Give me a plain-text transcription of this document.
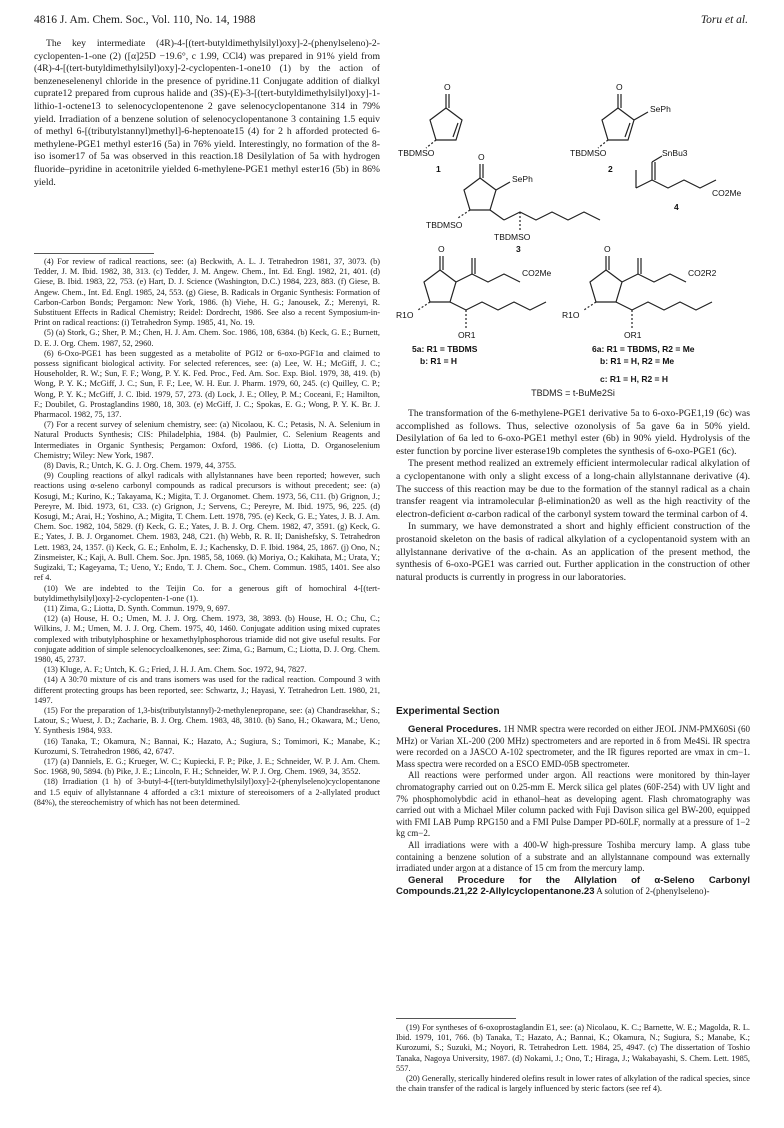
4816 J. Am. Chem. Soc., Vol. 110, No. 14, 1988	Toru et al.

The key intermediate (4R)-4-[(tert-butyldimethylsilyl)oxy]-2-(phenylseleno)-2-cyclopenten-1-one (2) ([α]25D −19.6°, c 1.99, CCl4) was prepared in 91% yield from (4R)-4-[(tert-butyldimethylsilyl)oxy]-2-cyclopenten-1-one10 (1) by the action of benzeneselenenyl chloride in the presence of pyridine.11 Conjugate addition of dialkyl cuprate12 prepared from cuprous halide and (3S)-(E)-3-[(tert-butyldimethylsilyl)oxy]-1-lithio-1-octene13 to selenocyclopentenone 2 gave selenocyclopentanone 314 in 79% yield. Irradiation of a benzene solution of selenocyclopentanone 3 containing 1.5 equiv of methyl 6-[(tributylstannyl)methyl]-6-heptenoate15 (4) for 2 h afforded protected 6-methylene-PGE1 methyl ester16 (5a) in 76% yield. Interestingly, no formation of the 8-iso isomer17 of 5a was observed in this reaction.18 Desilylation of 5a with hydrogen fluoride–pyridine in acetonitrile yielded 6-methylene-PGE1 methyl ester16 (5b) in 86% yield.

(4) For review of radical reactions, see: (a) Beckwith, A. L. J. Tetrahedron 1981, 37, 3073. (b) Tedder, J. M. Ibid. 1982, 38, 313. (c) Tedder, J. M. Angew. Chem., Int. Ed. Engl. 1982, 21, 401. (d) Giese, B. Ibid. 1983, 22, 753. (e) Hart, D. J. Science (Washington, D.C.) 1984, 223, 883. (f) Giese, B. Angew. Chem., Int. Ed. Engl. 1985, 24, 553. (g) Giese, B. Radicals in Organic Synthesis: Formation of Carbon-Carbon Bonds; Pergamon: New York, 1986. (h) Viehe, H. G.; Janousek, Z.; Merenyi, R. Substituent Effects in Radical Chemistry; Reidel: Dordrecht, 1986. See also a recent Symposium-in-Print on radical reactions: (i) Tetrahedron Symp. 1985, 41, No. 19.

(5) (a) Stork, G.; Sher, P. M.; Chen, H. J. Am. Chem. Soc. 1986, 108, 6384. (b) Keck, G. E.; Burnett, D. E. J. Org. Chem. 1987, 52, 2960.

(6) 6-Oxo-PGE1 has been suggested as a metabolite of PGI2 or 6-oxo-PGF1α and claimed to possess significant biological activity. For selected references, see: (a) Lee, W. H.; McGiff, J. C.; Householder, R. W.; Sun, F. F.; Wong, P. Y. K. Fed. Proc., Fed. Am. Soc. Exp. Biol. 1979, 38, 419. (b) Wong, P. Y. K.; McGiff, J. C.; Sun, F. F.; Lee, W. H. Eur. J. Pharm. 1979, 60, 245. (c) Quilley, C. P.; Wong, P. Y. K.; McGiff, J. C. Ibid. 1979, 57, 273. (d) Lock, J. E.; Olley, P. M.; Coceani, F.; Hamilton, F.; Doubilet, G. Prostaglandins 1980, 18, 303. (e) McGiff, J. C.; Spokas, E. G.; Wong, P. Y. K. Br. J. Pharmacol. 1982, 75, 137.

(7) For a recent survey of selenium chemistry, see: (a) Nicolaou, K. C.; Petasis, N. A. Selenium in Natural Products Synthesis; CIS: Philadelphia, 1984. (b) Paulmier, C. Selenium Reagents and Intermediates in Organic Synthesis; Pergamon: Oxford, 1986. (c) Liotta, D. Organoselenium Chemistry; Wiley: New York, 1987.

(8) Davis, R.; Untch, K. G. J. Org. Chem. 1979, 44, 3755.

(9) Coupling reactions of alkyl radicals with allylstannanes have been reported; however, such reactions using α-seleno carbonyl compounds as radical precursors is without precedent; see: (a) Kosugi, M.; Kurino, K.; Takayama, K.; Migita, T. J. Organomet. Chem. 1973, 56, C11. (b) Grignon, J.; Pereyre, M. Ibid. 1973, 61, C33. (c) Grignon, J.; Servens, C.; Pereyre, M. Ibid. 1975, 96, 225. (d) Kosugi, M.; Arai, H.; Yoshino, A.; Migita, T. Chem. Lett. 1978, 795. (e) Keck, G. E.; Yates, J. B. J. Am. Chem. Soc. 1982, 104, 5829. (f) Keck, G. E.; Yates, J. B. J. Org. Chem. 1982, 47, 3591. (g) Keck, G. E.; Yates, J. B. J. Organomet. Chem. 1983, 248, C21. (h) Webb, R. R. II; Danishefsky, S. Tetrahedron Lett. 1983, 24, 1357. (i) Keck, G. E.; Enholm, E. J.; Kachensky, D. F. Ibid. 1984, 25, 1867. (j) Ono, N.; Zinsmeister, K.; Kaji, A. Bull. Chem. Soc. Jpn. 1985, 58, 1069. (k) Moriya, O.; Kakihata, M.; Urata, Y.; Sugizaki, T.; Kageyama, T.; Ueno, Y.; Endo, T. J. Chem. Soc., Chem. Commun. 1985, 1401. See also ref 4.

(10) We are indebted to the Teijin Co. for a generous gift of homochiral 4-[(tert-butyldimethylsilyl)oxy]-2-cyclopenten-1-one (1).

(11) Zima, G.; Liotta, D. Synth. Commun. 1979, 9, 697.

(12) (a) House, H. O.; Umen, M. J. J. Org. Chem. 1973, 38, 3893. (b) House, H. O.; Chu, C.; Wilkins, J. M.; Umen, M. J. J. Org. Chem. 1975, 40, 1460. Conjugate addition using mixed cuprates complexed with tributylphosphine or hexamethylphosphorous triamide did not give useful results. For conjugate addition of simple selenocycloalkenones, see: Zima, G.; Barnum, C.; Liotta, D. J. Org. Chem. 1980, 45, 2737.

(13) Kluge, A. F.; Untch, K. G.; Fried, J. H. J. Am. Chem. Soc. 1972, 94, 7827.

(14) A 30:70 mixture of cis and trans isomers was used for the radical reaction. Compound 3 with different protecting groups has been reported, see: Schwartz, J.; Hayasi, Y. Tetrahedron Lett. 1980, 21, 1497.

(15) For the preparation of 1,3-bis(tributylstannyl)-2-methylenepropane, see: (a) Chandrasekhar, S.; Latour, S.; Wuest, J. D.; Zacharie, B. J. Org. Chem. 1983, 48, 3810. (b) Sano, H.; Okawara, M.; Ueno, Y. Synthesis 1984, 933.

(16) Tanaka, T.; Okamura, N.; Bannai, K.; Hazato, A.; Sugiura, S.; Tomimori, K.; Manabe, K.; Kurozumi, S. Tetrahedron 1986, 42, 6747.

(17) (a) Danniels, E. G.; Krueger, W. C.; Kupiecki, F. P.; Pike, J. E.; Schneider, W. P. J. Am. Chem. Soc. 1968, 90, 5894. (b) Pike, J. E.; Lincoln, F. H.; Schneider, W. P. J. Org. Chem. 1969, 34, 3552.

(18) Irradiation (1 h) of 3-butyl-4-[(tert-butyldimethylsilyl)oxy]-2-(phenylseleno)cyclopentanone and 1.5 equiv of allylstannane 4 afforded a c3:1 mixture of stereoisomers of a 2-allylated product (84%), the stereochemistry of which has not been determined.

O	O
TBDMSO	TBDMSO
SePh
1	2
O
SePh
TBDMSO
TBDMSO
3
SnBu3
CO2Me
4
O
CO2Me
R1O
OR1
5a: R1 = TBDMS
b: R1 = H
O
CO2R2
R1O
OR1
6a: R1 = TBDMS, R2 = Me
b: R1 = H, R2 = Me
c: R1 = H, R2 = H
TBDMS = t-BuMe2Si

The transformation of the 6-methylene-PGE1 derivative 5a to 6-oxo-PGE1,19 (6c) was accomplished as follows. Thus, selective ozonolysis of 5a gave 6a in 50% yield. Desilylation of 6a led to 6-oxo-PGE1 methyl ester (6b) in 90% yield. Hydrolysis of the ester function by porcine liver esterase19b completes the synthesis of 6-oxo-PGE1 (6c).

The present method realized an extremely efficient intermolecular radical alkylation of a cyclopentanone with only a slight excess of a long-chain allylstannane derivative (4). The success of this reaction may be due to the formation of the stannyl radical as a chain transfer reagent via intramolecular β-elimination20 as well as the high reactivity of the electron-deficient α-carbon radical of the carbonyl system toward the terminal carbon of 4.

In summary, we have demonstrated a short and highly efficient construction of the prostanoid skeleton on the basis of radical alkylation of a cyclopentanoid system with an allylstannane derivative of the α-chain. As an application of the present method, the synthesis of 6-oxo-PGE1 was carried out. Further application in the construction of other natural products is currently in progress in our laboratories.

Experimental Section

General Procedures. 1H NMR spectra were recorded on either JEOL JNM-PMX60Si (60 MHz) or Varian XL-200 (200 MHz) spectrometers and are reported in δ from Me4Si. IR spectra were recorded on a JASCO A-102 spectrometer, and the IR figures reported are νmax in cm−1. Mass spectra were recorded on a ESCO EMD-05B spectrometer.

All reactions were performed under argon. All reactions were monitored by thin-layer chromatography carried out on 0.25-mm E. Merck silica gel plates (60F-254) with UV light and 7% phosphomolybdic acid in ethanol–heat as developing agent. Flash chromatography was carried out with a Michael Miler column packed with Fuji Davison silica gel BW-200, equipped with FMI LAB Pump RPG150 and a FMI Pulse Damper PD-60LF, normally at a pressure of 1−2 kg cm−2.

All irradiations were with a 400-W high-pressure Toshiba mercury lamp. A glass tube containing a benzene solution of a substrate and an allylstannane compound was externally irradiated under argon at a distance of 15 cm from the mercury lamp.

General Procedure for the Allylation of α-Seleno Carbonyl Compounds.21,22 2-Allylcyclopentanone.23 A solution of 2-(phenylseleno)-

(19) For syntheses of 6-oxoprostaglandin E1, see: (a) Nicolaou, K. C.; Barnette, W. E.; Magolda, R. L. Ibid. 1979, 101, 766. (b) Tanaka, T.; Hazato, A.; Bannai, K.; Okamura, N.; Sugiura, S.; Manabe, K.; Kurozumi, S.; Suzuki, M.; Noyori, R. Tetrahedron Lett. 1984, 25, 4947. (c) The dissertation of Toshio Tanaka, Nagoya University, 1987. (d) Nokami, J.; Ono, T.; Hiraga, J.; Wakabayashi, S. Chem. Lett. 1985, 557.

(20) Generally, sterically hindered olefins result in lower rates of alkylation of the radical species, since the chain transfer of the radical is largely influenced by steric factors (see ref 4).
